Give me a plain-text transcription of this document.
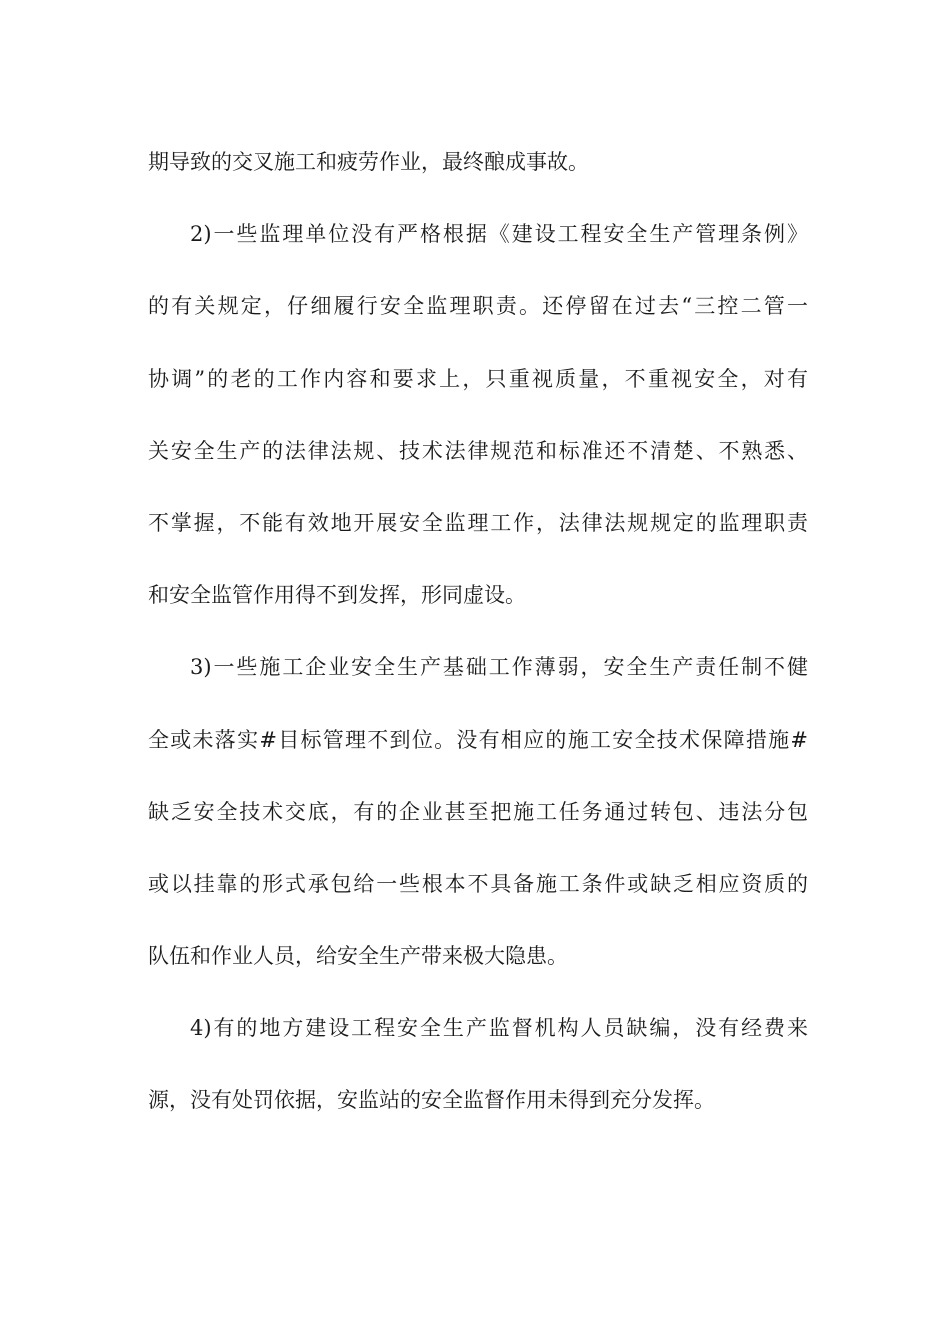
期导致的交叉施工和疲劳作业，最终酿成事故。
2)一些监理单位没有严格根据《建设工程安全生产管理条例》
的有关规定，仔细履行安全监理职责。还停留在过去“三控二管一
协调”的老的工作内容和要求上，只重视质量，不重视安全，对有
关安全生产的法律法规、技术法律规范和标准还不清楚、不熟悉、
不掌握，不能有效地开展安全监理工作，法律法规规定的监理职责
和安全监管作用得不到发挥，形同虚设。
3)一些施工企业安全生产基础工作薄弱，安全生产责任制不健
全或未落实#目标管理不到位。没有相应的施工安全技术保障措施#
缺乏安全技术交底，有的企业甚至把施工任务通过转包、违法分包
或以挂靠的形式承包给一些根本不具备施工条件或缺乏相应资质的
队伍和作业人员，给安全生产带来极大隐患。
4)有的地方建设工程安全生产监督机构人员缺编，没有经费来
源，没有处罚依据，安监站的安全监督作用未得到充分发挥。
